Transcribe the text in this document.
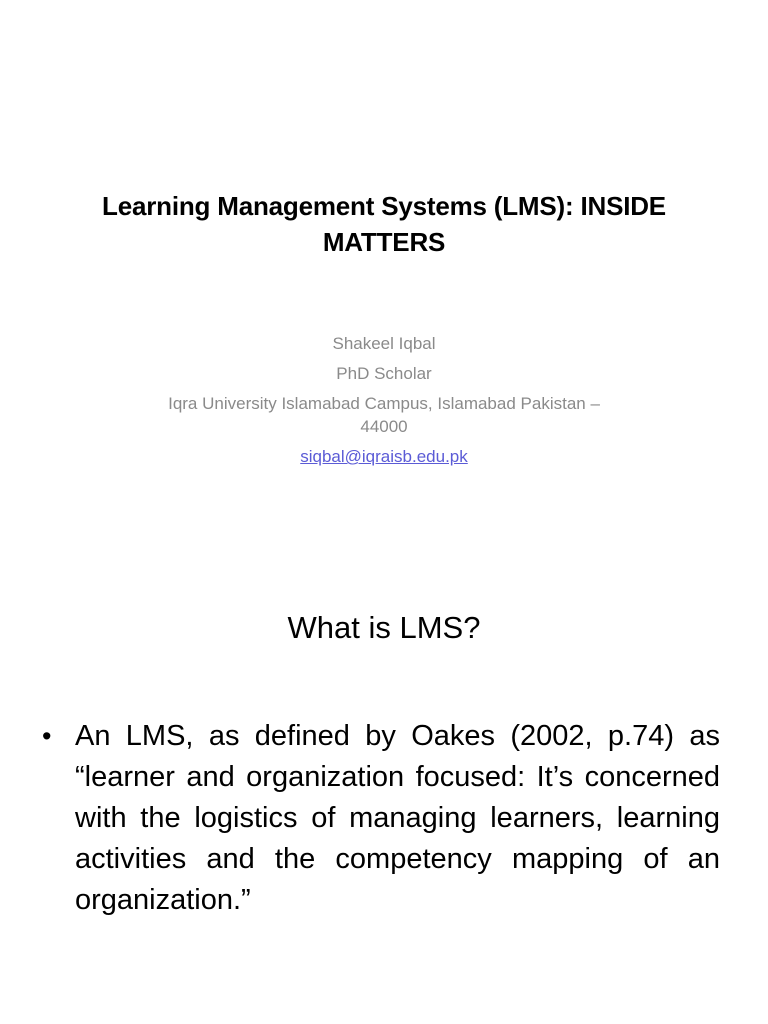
Learning Management Systems (LMS): INSIDE
MATTERS
Shakeel Iqbal
PhD Scholar
Iqra University Islamabad Campus, Islamabad Pakistan –
44000
siqbal@iqraisb.edu.pk
What is LMS?
• An LMS, as defined by Oakes (2002, p.74) as “learner and organization focused: It’s concerned with the logistics of managing learners, learning activities and the competency mapping of an organization.”
